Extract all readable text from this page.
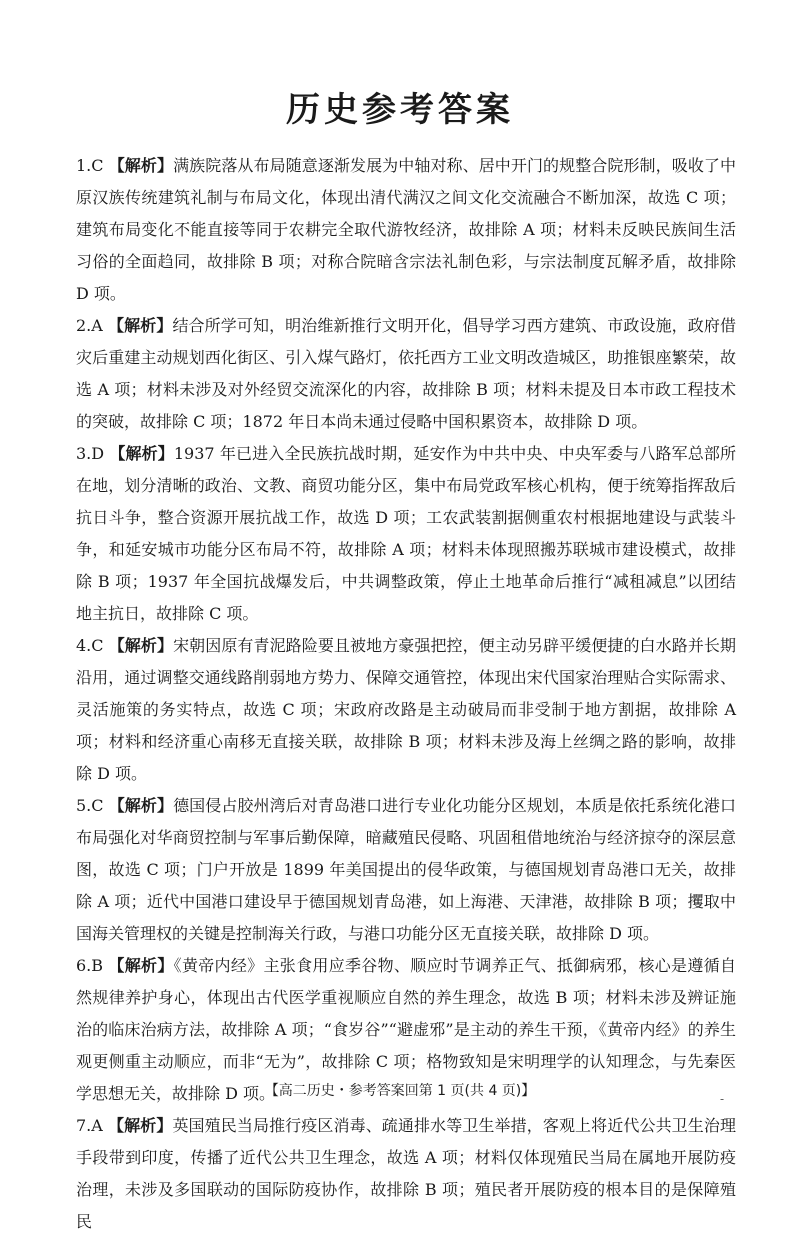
历史参考答案

1.C 【解析】满族院落从布局随意逐渐发展为中轴对称、居中开门的规整合院形制，吸收了中原汉族传统建筑礼制与布局文化，体现出清代满汉之间文化交流融合不断加深，故选 C 项；建筑布局变化不能直接等同于农耕完全取代游牧经济，故排除 A 项；材料未反映民族间生活习俗的全面趋同，故排除 B 项；对称合院暗含宗法礼制色彩，与宗法制度瓦解矛盾，故排除 D 项。

2.A 【解析】结合所学可知，明治维新推行文明开化，倡导学习西方建筑、市政设施，政府借灾后重建主动规划西化街区、引入煤气路灯，依托西方工业文明改造城区，助推银座繁荣，故选 A 项；材料未涉及对外经贸交流深化的内容，故排除 B 项；材料未提及日本市政工程技术的突破，故排除 C 项；1872 年日本尚未通过侵略中国积累资本，故排除 D 项。

3.D 【解析】1937 年已进入全民族抗战时期，延安作为中共中央、中央军委与八路军总部所在地，划分清晰的政治、文教、商贸功能分区，集中布局党政军核心机构，便于统筹指挥敌后抗日斗争，整合资源开展抗战工作，故选 D 项；工农武装割据侧重农村根据地建设与武装斗争，和延安城市功能分区布局不符，故排除 A 项；材料未体现照搬苏联城市建设模式，故排除 B 项；1937 年全国抗战爆发后，中共调整政策，停止土地革命后推行“减租减息”以团结地主抗日，故排除 C 项。

4.C 【解析】宋朝因原有青泥路险要且被地方豪强把控，便主动另辟平缓便捷的白水路并长期沿用，通过调整交通线路削弱地方势力、保障交通管控，体现出宋代国家治理贴合实际需求、灵活施策的务实特点，故选 C 项；宋政府改路是主动破局而非受制于地方割据，故排除 A 项；材料和经济重心南移无直接关联，故排除 B 项；材料未涉及海上丝绸之路的影响，故排除 D 项。

5.C 【解析】德国侵占胶州湾后对青岛港口进行专业化功能分区规划，本质是依托系统化港口布局强化对华商贸控制与军事后勤保障，暗藏殖民侵略、巩固租借地统治与经济掠夺的深层意图，故选 C 项；门户开放是 1899 年美国提出的侵华政策，与德国规划青岛港口无关，故排除 A 项；近代中国港口建设早于德国规划青岛港，如上海港、天津港，故排除 B 项；攫取中国海关管理权的关键是控制海关行政，与港口功能分区无直接关联，故排除 D 项。

6.B 【解析】《黄帝内经》主张食用应季谷物、顺应时节调养正气、抵御病邪，核心是遵循自然规律养护身心，体现出古代医学重视顺应自然的养生理念，故选 B 项；材料未涉及辨证施治的临床治病方法，故排除 A 项；“食岁谷”“避虚邪”是主动的养生干预，《黄帝内经》的养生观更侧重主动顺应，而非“无为”，故排除 C 项；格物致知是宋明理学的认知理念，与先秦医学思想无关，故排除 D 项。

7.A 【解析】英国殖民当局推行疫区消毒、疏通排水等卫生举措，客观上将近代公共卫生治理手段带到印度，传播了近代公共卫生理念，故选 A 项；材料仅体现殖民当局在属地开展防疫治理，未涉及多国联动的国际防疫协作，故排除 B 项；殖民者开展防疫的根本目的是保障殖民

【高二历史・参考答案回第 1 页(共 4 页)】	-
